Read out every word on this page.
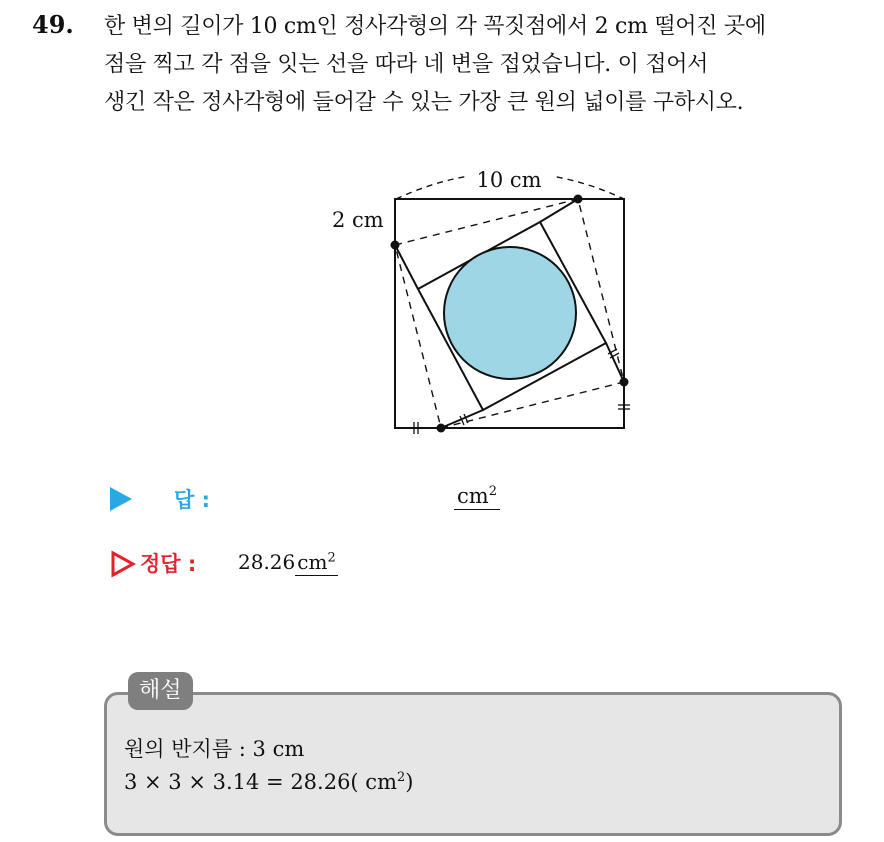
49. 한 변의 길이가 10 cm인 정사각형의 각 꼭짓점에서 2 cm 떨어진 곳에
점을 찍고 각 점을 잇는 선을 따라 네 변을 접었습니다. 이 접어서
생긴 작은 정사각형에 들어갈 수 있는 가장 큰 원의 넓이를 구하시오.
10 cm
2 cm
답 :	$cm^2$
정답 : 28.26 $cm^2$
해설
원의 반지름 : 3 cm
3 × 3 × 3.14 = 28.26( $cm^2$)
